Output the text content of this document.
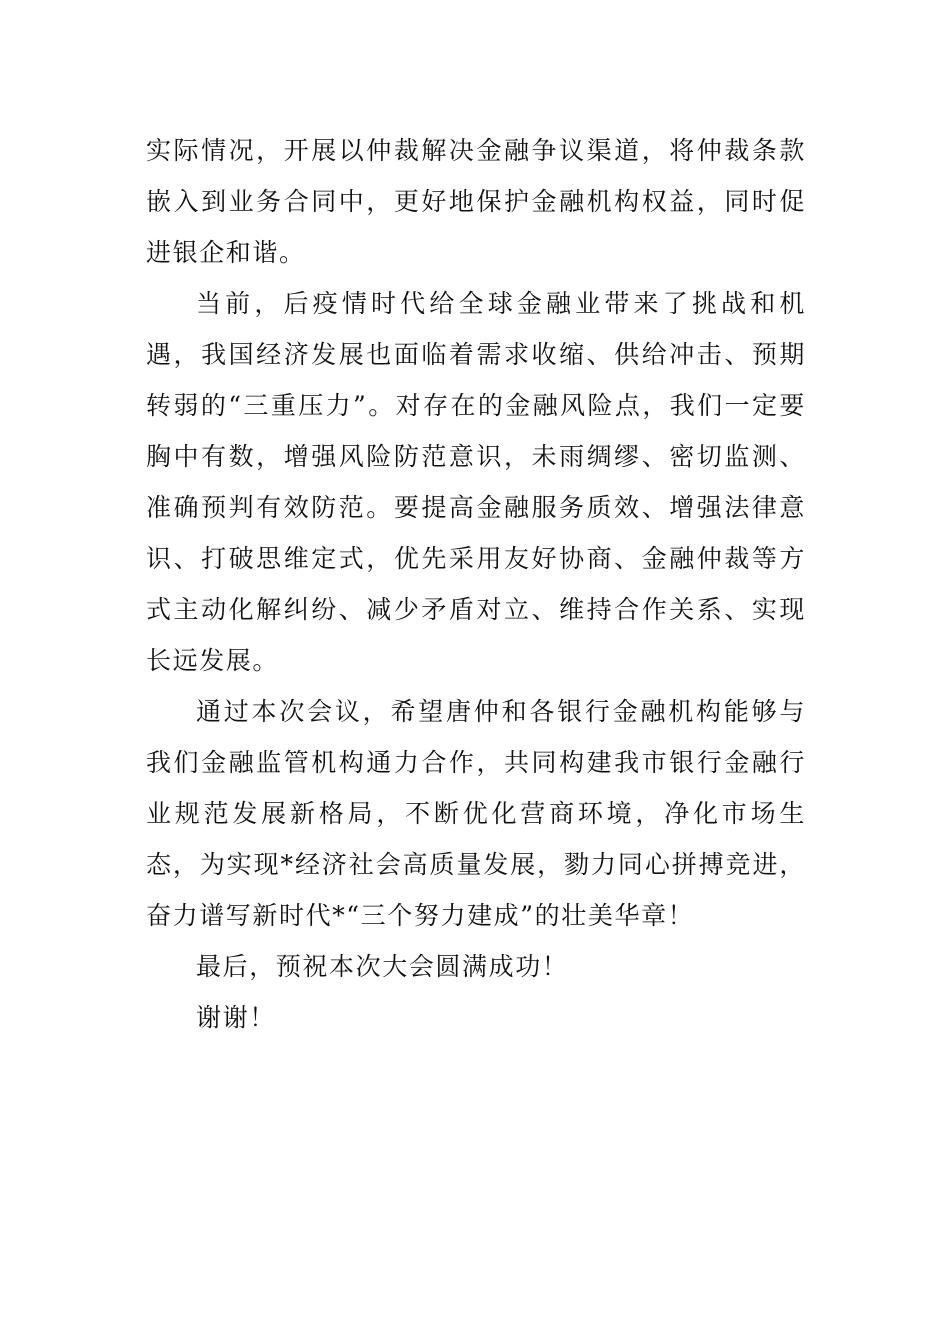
实际情况，开展以仲裁解决金融争议渠道，将仲裁条款嵌入到业务合同中，更好地保护金融机构权益，同时促进银企和谐。

当前，后疫情时代给全球金融业带来了挑战和机遇，我国经济发展也面临着需求收缩、供给冲击、预期转弱的“三重压力”。对存在的金融风险点，我们一定要胸中有数，增强风险防范意识，未雨绸缪、密切监测、准确预判有效防范。要提高金融服务质效、增强法律意识、打破思维定式，优先采用友好协商、金融仲裁等方式主动化解纠纷、减少矛盾对立、维持合作关系、实现长远发展。

通过本次会议，希望唐仲和各银行金融机构能够与我们金融监管机构通力合作，共同构建我市银行金融行业规范发展新格局，不断优化营商环境，净化市场生态，为实现*经济社会高质量发展，勠力同心拼搏竞进，奋力谱写新时代*“三个努力建成”的壮美华章！

最后，预祝本次大会圆满成功！

谢谢！
